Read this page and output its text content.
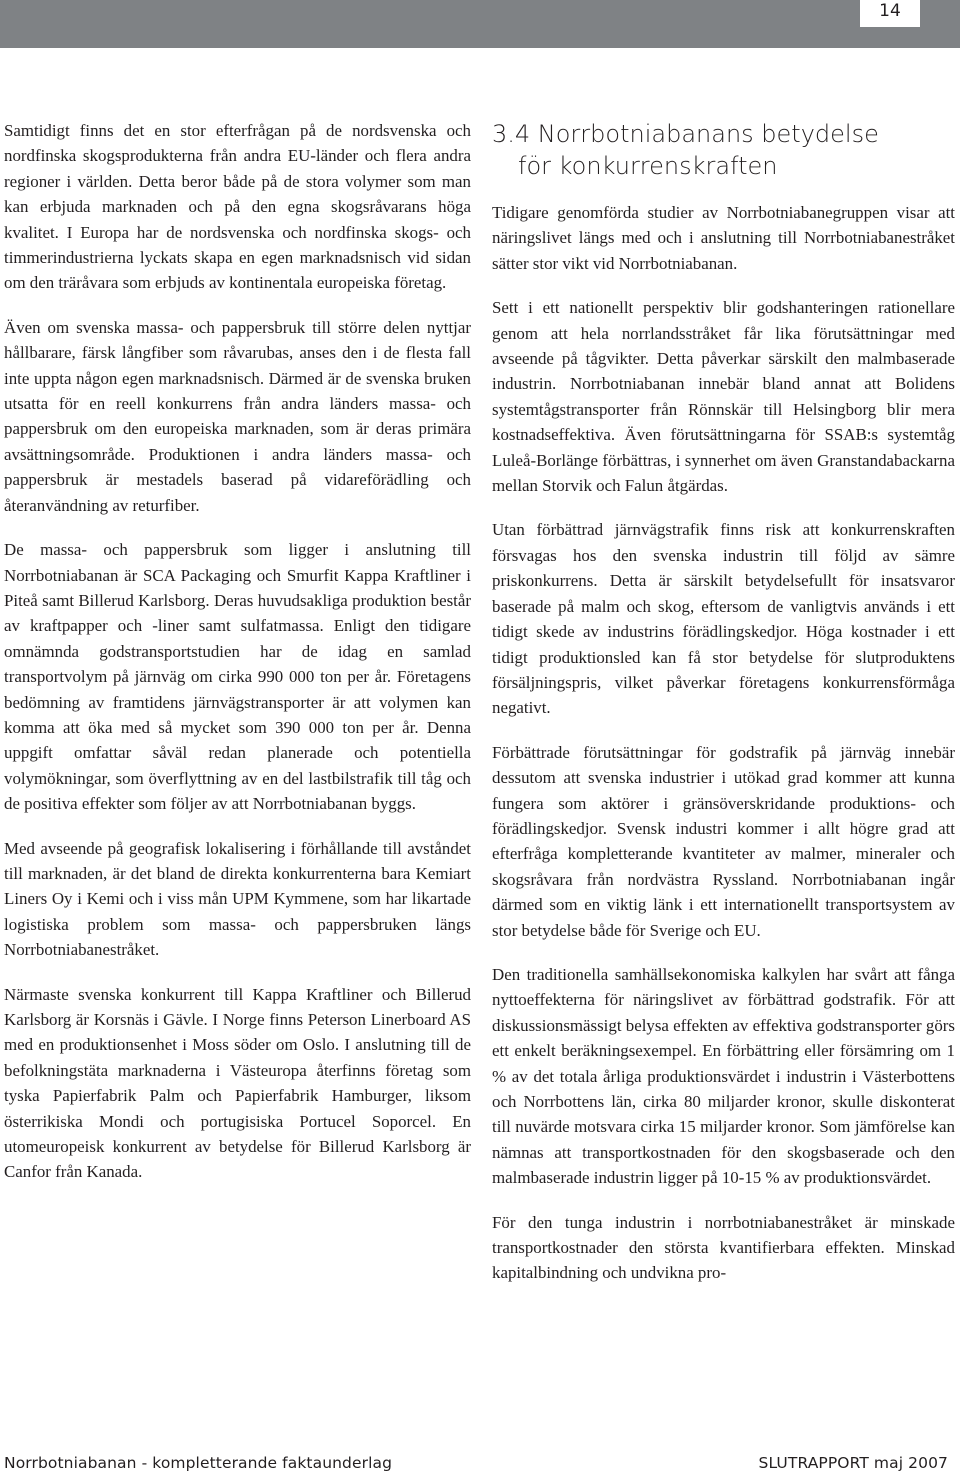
14

Samtidigt finns det en stor efterfrågan på de nordsvenska och nordfinska skogsprodukterna från andra EU-länder och flera andra regioner i världen. Detta beror både på de stora volymer som man kan erbjuda marknaden och på den egna skogsråvarans höga kvalitet. I Europa har de nordsvenska och nordfinska skogs- och timmerindustrierna lyckats skapa en egen marknadsnisch vid sidan om den träråvara som erbjuds av kontinentala europeiska företag.

Även om svenska massa- och pappersbruk till större delen nyttjar hållbarare, färsk långfiber som råvarubas, anses den i de flesta fall inte uppta någon egen marknadsnisch. Därmed är de svenska bruken utsatta för en reell konkurrens från andra länders massa- och pappersbruk om den europeiska marknaden, som är deras primära avsättningsområde. Produktionen i andra länders massa- och pappersbruk är mestadels baserad på vidareförädling och återanvändning av returfiber.

De massa- och pappersbruk som ligger i anslutning till Norrbotniabanan är SCA Packaging och Smurfit Kappa Kraftliner i Piteå samt Billerud Karlsborg. Deras huvudsakliga produktion består av kraftpapper och -liner samt sulfatmassa. Enligt den tidigare omnämnda godstransportstudien har de idag en samlad transportvolym på järnväg om cirka 990 000 ton per år. Företagens bedömning av framtidens järnvägstransporter är att volymen kan komma att öka med så mycket som 390 000 ton per år. Denna uppgift omfattar såväl redan planerade och potentiella volymökningar, som överflyttning av en del lastbilstrafik till tåg och de positiva effekter som följer av att Norrbotniabanan byggs.

Med avseende på geografisk lokalisering i förhållande till avståndet till marknaden, är det bland de direkta konkurrenterna bara Kemiart Liners Oy i Kemi och i viss mån UPM Kymmene, som har likartade logistiska problem som massa- och pappersbruken längs Norrbotniabanestråket.

Närmaste svenska konkurrent till Kappa Kraftliner och Billerud Karlsborg är Korsnäs i Gävle. I Norge finns Peterson Linerboard AS med en produktionsenhet i Moss söder om Oslo. I anslutning till de befolkningstäta marknaderna i Västeuropa återfinns företag som tyska Papierfabrik Palm och Papierfabrik Hamburger, liksom österrikiska Mondi och portugisiska Portucel Soporcel. En utomeuropeisk konkurrent av betydelse för Billerud Karlsborg är Canfor från Kanada.

3.4 Norrbotniabanans betydelse
för konkurrenskraften

Tidigare genomförda studier av Norrbotniabanegruppen visar att näringslivet längs med och i anslutning till Norrbotniabanestråket sätter stor vikt vid Norrbotniabanan.

Sett i ett nationellt perspektiv blir godshanteringen rationellare genom att hela norrlandsstråket får lika förutsättningar med avseende på tågvikter. Detta påverkar särskilt den malmbaserade industrin. Norrbotniabanan innebär bland annat att Bolidens systemtågstransporter från Rönnskär till Helsingborg blir mera kostnadseffektiva. Även förutsättningarna för SSAB:s systemtåg Luleå-Borlänge förbättras, i synnerhet om även Granstandabackarna mellan Storvik och Falun åtgärdas.

Utan förbättrad järnvägstrafik finns risk att konkurrenskraften försvagas hos den svenska industrin till följd av sämre priskonkurrens. Detta är särskilt betydelsefullt för insatsvaror baserade på malm och skog, eftersom de vanligtvis används i ett tidigt skede av industrins förädlingskedjor. Höga kostnader i ett tidigt produktionsled kan få stor betydelse för slutproduktens försäljningspris, vilket påverkar företagens konkurrensförmåga negativt.

Förbättrade förutsättningar för godstrafik på järnväg innebär dessutom att svenska industrier i utökad grad kommer att kunna fungera som aktörer i gränsöverskridande produktions- och förädlingskedjor. Svensk industri kommer i allt högre grad att efterfråga kompletterande kvantiteter av malmer, mineraler och skogsråvara från nordvästra Ryssland. Norrbotniabanan ingår därmed som en viktig länk i ett internationellt transportsystem av stor betydelse både för Sverige och EU.

Den traditionella samhällsekonomiska kalkylen har svårt att fånga nyttoeffekterna för näringslivet av förbättrad godstrafik. För att diskussionsmässigt belysa effekten av effektiva godstransporter görs ett enkelt beräkningsexempel. En förbättring eller försämring om 1 % av det totala årliga produktionsvärdet i industrin i Västerbottens och Norrbottens län, cirka 80 miljarder kronor, skulle diskonterat till nuvärde motsvara cirka 15 miljarder kronor. Som jämförelse kan nämnas att transportkostnaden för den skogsbaserade och den malmbaserade industrin ligger på 10-15 % av produktionsvärdet.

För den tunga industrin i norrbotniabanestråket är minskade transportkostnader den största kvantifierbara effekten. Minskad kapitalbindning och undvikna pro-

Norrbotniabanan - kompletterande faktaunderlag	SLUTRAPPORT maj 2007
